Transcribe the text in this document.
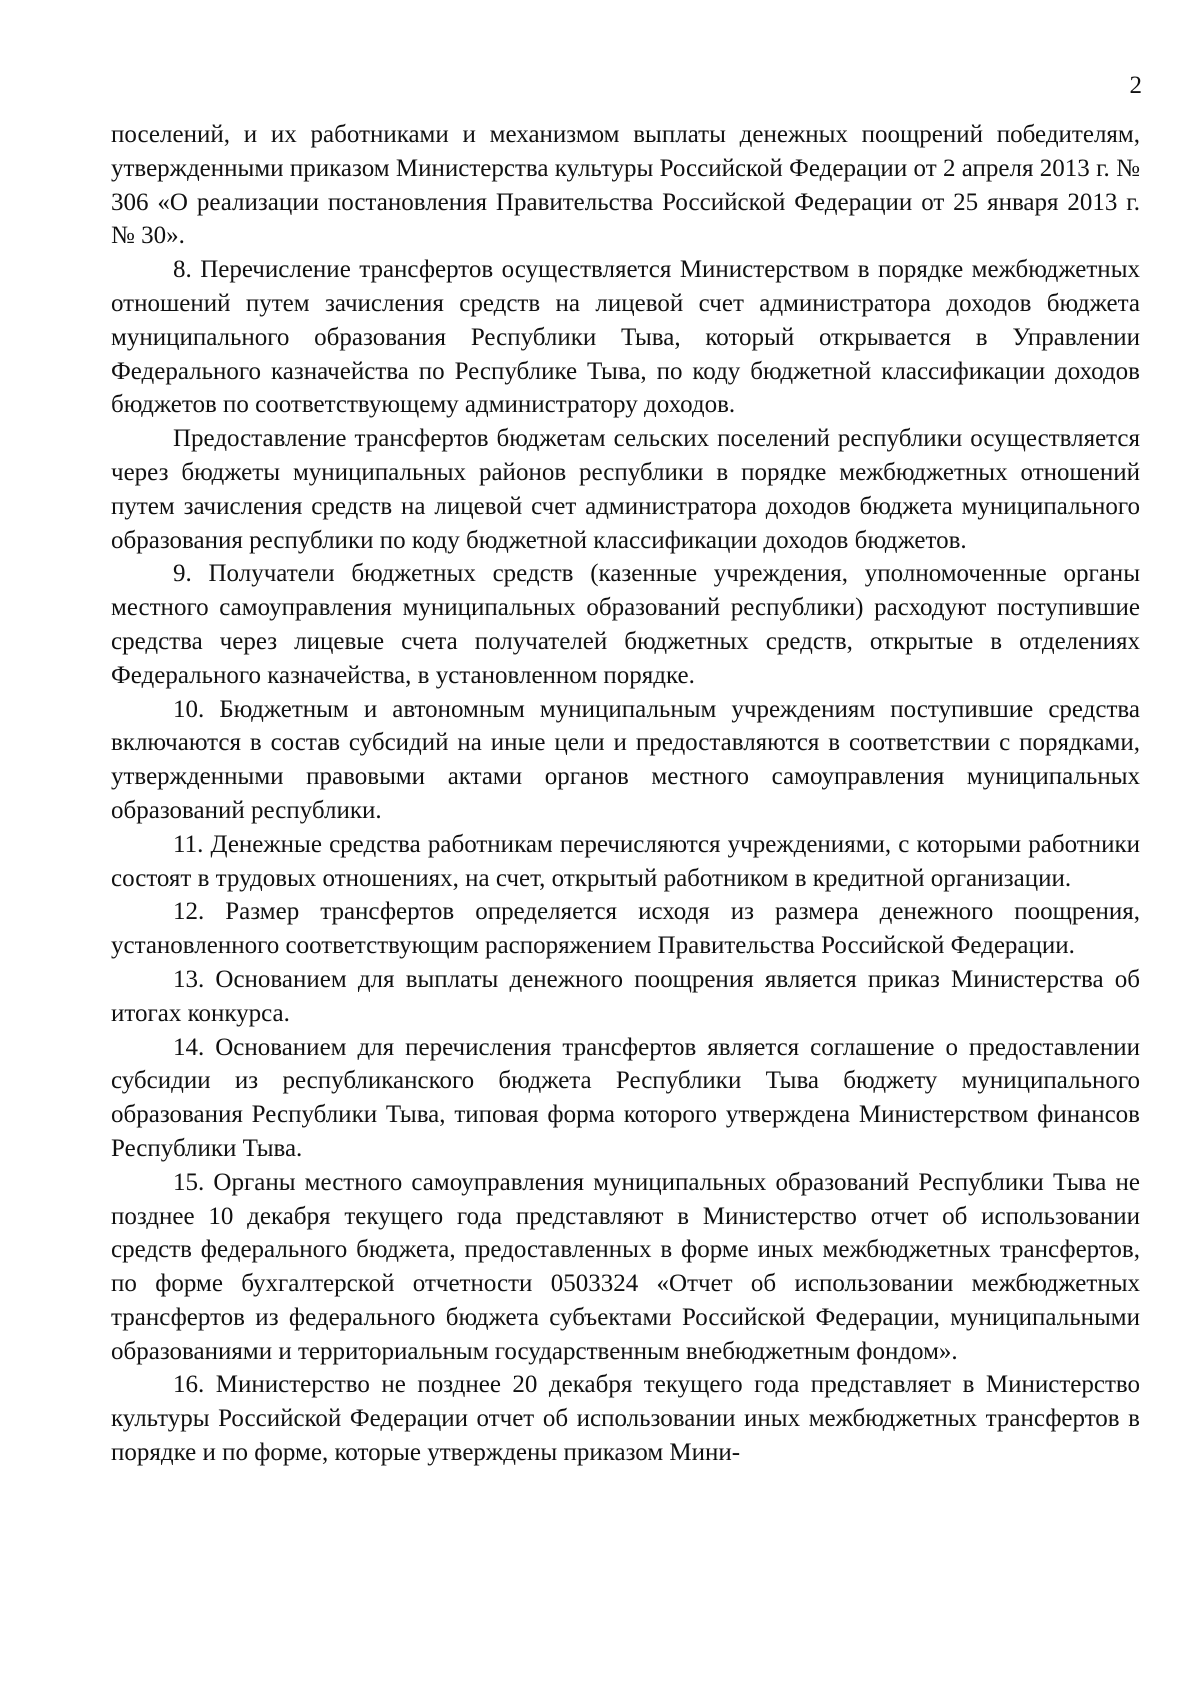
2

поселений, и их работниками и механизмом выплаты денежных поощрений победителям, утвержденными приказом Министерства культуры Российской Федерации от 2 апреля 2013 г. № 306 «О реализации постановления Правительства Российской Федерации от 25 января 2013 г. № 30».

8. Перечисление трансфертов осуществляется Министерством в порядке межбюджетных отношений путем зачисления средств на лицевой счет администратора доходов бюджета муниципального образования Республики Тыва, который открывается в Управлении Федерального казначейства по Республике Тыва, по коду бюджетной классификации доходов бюджетов по соответствующему администратору доходов.

Предоставление трансфертов бюджетам сельских поселений республики осуществляется через бюджеты муниципальных районов республики в порядке межбюджетных отношений путем зачисления средств на лицевой счет администратора доходов бюджета муниципального образования республики по коду бюджетной классификации доходов бюджетов.

9. Получатели бюджетных средств (казенные учреждения, уполномоченные органы местного самоуправления муниципальных образований республики) расходуют поступившие средства через лицевые счета получателей бюджетных средств, открытые в отделениях Федерального казначейства, в установленном порядке.

10. Бюджетным и автономным муниципальным учреждениям поступившие средства включаются в состав субсидий на иные цели и предоставляются в соответствии с порядками, утвержденными правовыми актами органов местного самоуправления муниципальных образований республики.

11. Денежные средства работникам перечисляются учреждениями, с которыми работники состоят в трудовых отношениях, на счет, открытый работником в кредитной организации.

12. Размер трансфертов определяется исходя из размера денежного поощрения, установленного соответствующим распоряжением Правительства Российской Федерации.

13. Основанием для выплаты денежного поощрения является приказ Министерства об итогах конкурса.

14. Основанием для перечисления трансфертов является соглашение о предоставлении субсидии из республиканского бюджета Республики Тыва бюджету муниципального образования Республики Тыва, типовая форма которого утверждена Министерством финансов Республики Тыва.

15. Органы местного самоуправления муниципальных образований Республики Тыва не позднее 10 декабря текущего года представляют в Министерство отчет об использовании средств федерального бюджета, предоставленных в форме иных межбюджетных трансфертов, по форме бухгалтерской отчетности 0503324 «Отчет об использовании межбюджетных трансфертов из федерального бюджета субъектами Российской Федерации, муниципальными образованиями и территориальным государственным внебюджетным фондом».

16. Министерство не позднее 20 декабря текущего года представляет в Министерство культуры Российской Федерации отчет об использовании иных межбюджетных трансфертов в порядке и по форме, которые утверждены приказом Мини-
